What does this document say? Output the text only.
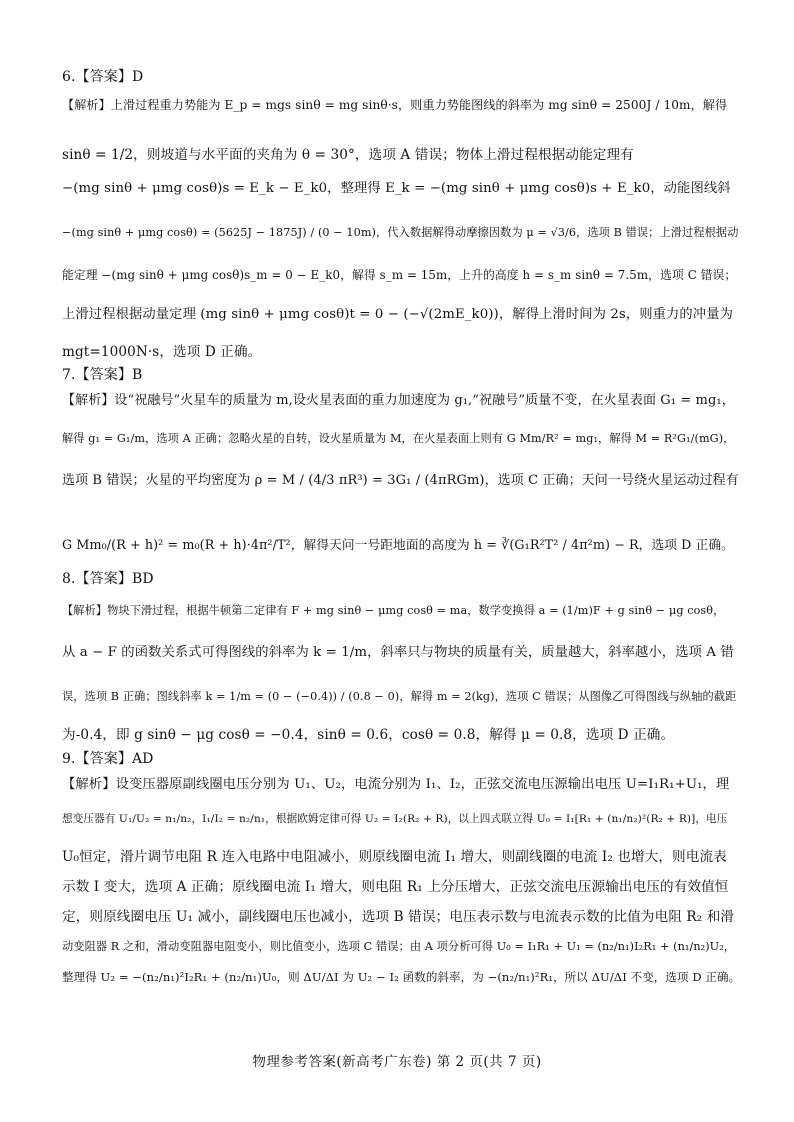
6.【答案】D
【解析】上滑过程重力势能为 E_p = mgs sinθ = mg sinθ·s，则重力势能图线的斜率为 mg sinθ = 2500J / 10m，解得
sinθ = 1/2，则坡道与水平面的夹角为 θ = 30°，选项 A 错误；物体上滑过程根据动能定理有
−(mg sinθ + μmg cosθ)s = E_k − E_k0，整理得 E_k = −(mg sinθ + μmg cosθ)s + E_k0，动能图线斜
−(mg sinθ + μmg cosθ) = (5625J − 1875J) / (0 − 10m)，代入数据解得动摩擦因数为 μ = √3/6，选项 B 错误；上滑过程根据动
能定理 −(mg sinθ + μmg cosθ)s_m = 0 − E_k0，解得 s_m = 15m，上升的高度 h = s_m sinθ = 7.5m，选项 C 错误；
上滑过程根据动量定理 (mg sinθ + μmg cosθ)t = 0 − (−√(2mE_k0))，解得上滑时间为 2s，则重力的冲量为
mgt=1000N·s，选项 D 正确。
7.【答案】B
【解析】设“祝融号”火星车的质量为 m,设火星表面的重力加速度为 g₁,“祝融号”质量不变，在火星表面 G₁ = mg₁，
解得 g₁ = G₁/m，选项 A 正确；忽略火星的自转，设火星质量为 M，在火星表面上则有 G Mm/R² = mg₁，解得 M = R²G₁/(mG)，
选项 B 错误；火星的平均密度为 ρ = M / (4/3 πR³) = 3G₁ / (4πRGm)，选项 C 正确；天问一号绕火星运动过程有
G Mm₀/(R + h)² = m₀(R + h)·4π²/T²，解得天问一号距地面的高度为 h = ∛(G₁R²T² / 4π²m) − R，选项 D 正确。
8.【答案】BD
【解析】物块下滑过程，根据牛顿第二定律有 F + mg sinθ − μmg cosθ = ma，数学变换得 a = (1/m)F + g sinθ − μg cosθ，
从 a − F 的函数关系式可得图线的斜率为 k = 1/m，斜率只与物块的质量有关，质量越大，斜率越小，选项 A 错
误，选项 B 正确；图线斜率 k = 1/m = (0 − (−0.4)) / (0.8 − 0)，解得 m = 2(kg)，选项 C 错误；从图像乙可得图线与纵轴的截距
为-0.4，即 g sinθ − μg cosθ = −0.4，sinθ = 0.6，cosθ = 0.8，解得 μ = 0.8，选项 D 正确。
9.【答案】AD
【解析】设变压器原副线圈电压分别为 U₁、U₂，电流分别为 I₁、I₂，正弦交流电压源输出电压 U=I₁R₁+U₁，理
想变压器有 U₁/U₂ = n₁/n₂，I₁/I₂ = n₂/n₁，根据欧姆定律可得 U₂ = I₂(R₂ + R)，以上四式联立得 U₀ = I₁[R₁ + (n₁/n₂)²(R₂ + R)]，电压
U₀恒定，滑片调节电阻 R 连入电路中电阻减小，则原线圈电流 I₁ 增大，则副线圈的电流 I₂ 也增大，则电流表
示数 I 变大，选项 A 正确；原线圈电流 I₁ 增大，则电阻 R₁ 上分压增大，正弦交流电压源输出电压的有效值恒
定，则原线圈电压 U₁ 减小，副线圈电压也减小，选项 B 错误；电压表示数与电流表示数的比值为电阻 R₂ 和滑
动变阻器 R 之和，滑动变阻器电阻变小，则比值变小，选项 C 错误；由 A 项分析可得 U₀ = I₁R₁ + U₁ = (n₂/n₁)I₂R₁ + (n₁/n₂)U₂，
整理得 U₂ = −(n₂/n₁)²I₂R₁ + (n₂/n₁)U₀，则 ΔU/ΔI 为 U₂ − I₂ 函数的斜率，为 −(n₂/n₁)²R₁，所以 ΔU/ΔI 不变，选项 D 正确。
物理参考答案(新高考广东卷) 第 2 页(共 7 页)
